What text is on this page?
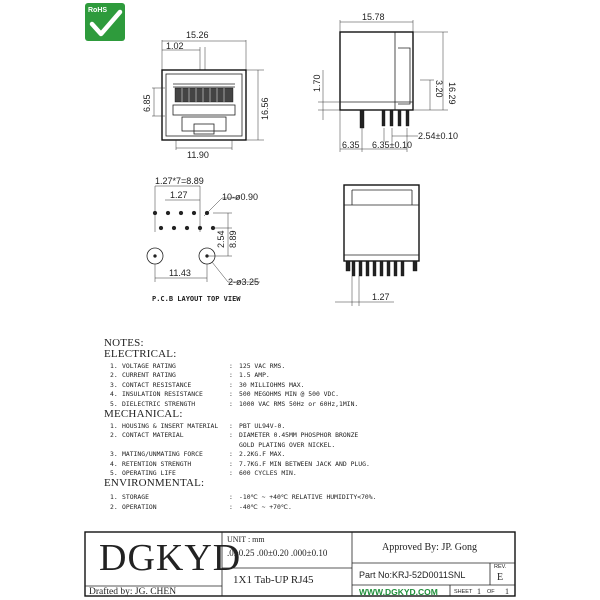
RoHS
15.26
1.02
6.85	16.56
11.90
15.78
1.70	16.29
3.20
2.54±0.10
6.35 6.35±0.10
1.27*7=8.89
1.27	10-ø0.90
2.54 8.89
11.43
2-ø3.25
P.C.B LAYOUT TOP VIEW	1.27
NOTES:
ELECTRICAL:
1. VOLTAGE RATING	: 125 VAC RMS.
2. CURRENT RATING	: 1.5 AMP.
3. CONTACT RESISTANCE	: 30 MILLIOHMS MAX.
4. INSULATION RESISTANCE	: 500 MEGOHMS MIN @ 500 VDC.
5. DIELECTRIC STRENGTH	: 1000 VAC RMS 50Hz or 60Hz,1MIN.
MECHANICAL:
1. HOUSING & INSERT MATERIAL : PBT UL94V-0.
2. CONTACT MATERIAL	: DIAMETER 0.45MM PHOSPHOR BRONZE
GOLD PLATING OVER NICKEL.
3. MATING/UNMATING FORCE	: 2.2KG.F MAX.
4. RETENTION STRENGTH	: 7.7KG.F MIN BETWEEN JACK AND PLUG.
5. OPERATING LIFE	: 600 CYCLES MIN.
ENVIRONMENTAL:
1. STORAGE	: -10℃ ~ +40℃ RELATIVE HUMIDITY<70%.
2. OPERATION	: -40℃ ~ +70℃.
DGKYD
Drafted by: JG. CHEN
UNIT : mm
.0±0.25 .00±0.20 .000±0.10
1X1 Tab-UP RJ45
Approved By: JP. Gong
Part No:KRJ-52D0011SNL
REV.
E
WWW.DGKYD.COM	SHEET 1 OF 1
